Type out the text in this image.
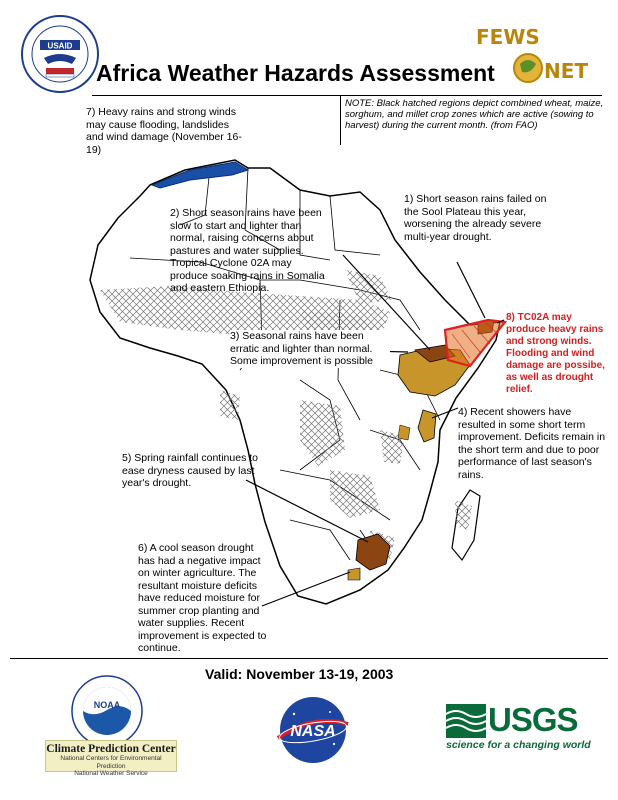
USAID
Africa Weather Hazards Assessment
FEWS
NET
NOTE: Black hatched regions depict combined wheat, maize, sorghum, and millet crop zones which are active (sowing to harvest) during the current month. (from FAO)
7) Heavy rains and strong winds may cause flooding, landslides and wind damage (November 16-19)
2) Short season rains have been slow to start and lighter than normal, raising concerns about pastures and water supplies. Tropical Cyclone 02A may produce soaking rains in Somalia and eastern Ethiopia.
1) Short season rains failed on the Sool Plateau this year, worsening the already severe multi-year drought.
3) Seasonal rains have been erratic and lighter than normal. Some improvement is possible
8) TC02A may produce heavy rains and strong winds. Flooding and wind damage are possibe, as well as drought relief.
4) Recent showers have resulted in some short term improvement. Deficits remain in the short term and due to poor performance of last season's rains.
5) Spring rainfall continues to ease dryness caused by last year's drought.
6) A cool season drought has had a negative impact on winter agriculture. The resultant moisture deficits have reduced moisture for summer crop planting and water supplies. Recent improvement is expected to continue.
Valid: November 13-19, 2003
NOAA
Climate Prediction Center
National Centers for Environmental Prediction
National Weather Service
NASA	USGS
science for a changing world
